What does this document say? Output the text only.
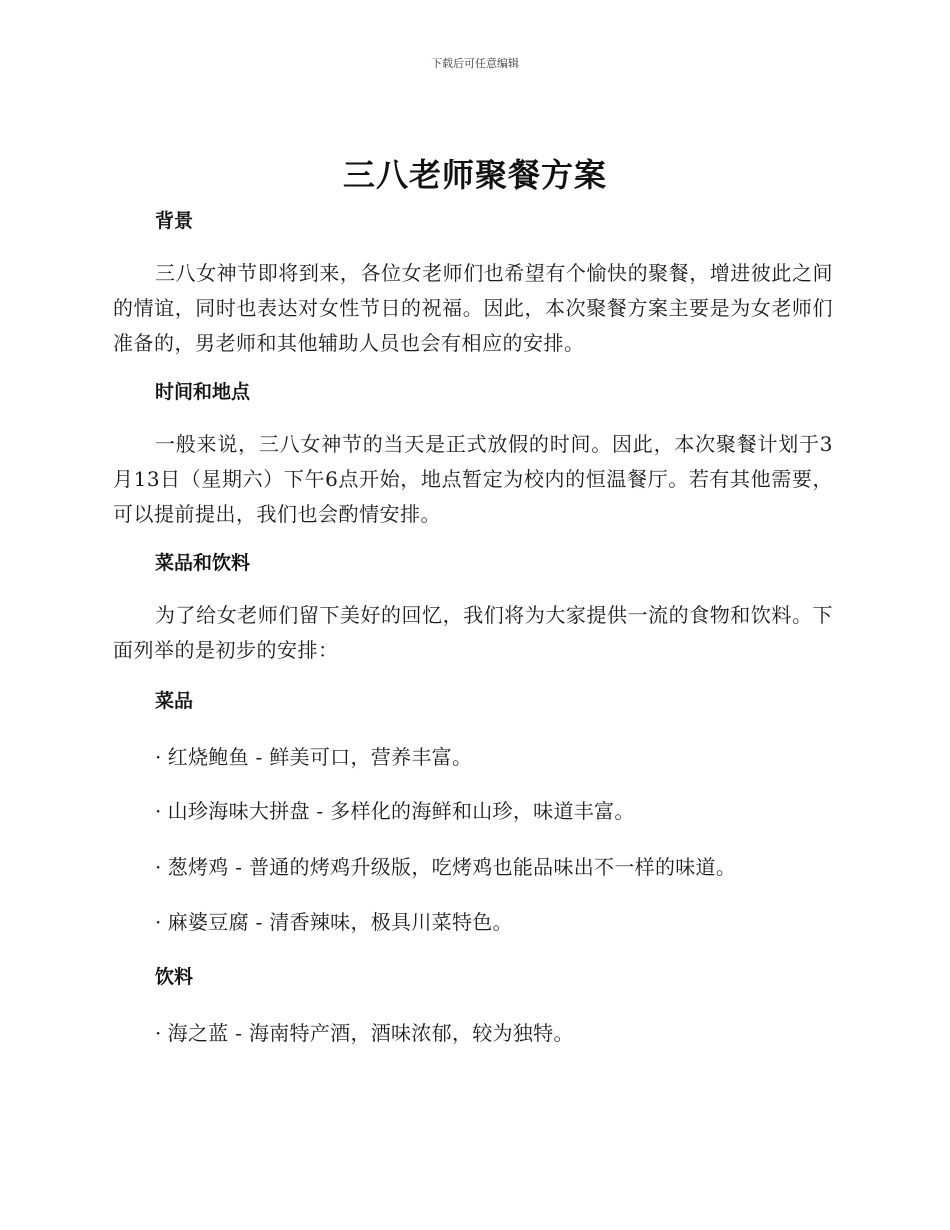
下载后可任意编辑
三八老师聚餐方案
背景
三八女神节即将到来，各位女老师们也希望有个愉快的聚餐，增进彼此之间的情谊，同时也表达对女性节日的祝福。因此，本次聚餐方案主要是为女老师们准备的，男老师和其他辅助人员也会有相应的安排。
时间和地点
一般来说，三八女神节的当天是正式放假的时间。因此，本次聚餐计划于3月13日（星期六）下午6点开始，地点暂定为校内的恒温餐厅。若有其他需要，可以提前提出，我们也会酌情安排。
菜品和饮料
为了给女老师们留下美好的回忆，我们将为大家提供一流的食物和饮料。下面列举的是初步的安排：
菜品
· 红烧鲍鱼 - 鲜美可口，营养丰富。
· 山珍海味大拼盘 - 多样化的海鲜和山珍，味道丰富。
· 葱烤鸡 - 普通的烤鸡升级版，吃烤鸡也能品味出不一样的味道。
· 麻婆豆腐 - 清香辣味，极具川菜特色。
饮料
· 海之蓝 - 海南特产酒，酒味浓郁，较为独特。
